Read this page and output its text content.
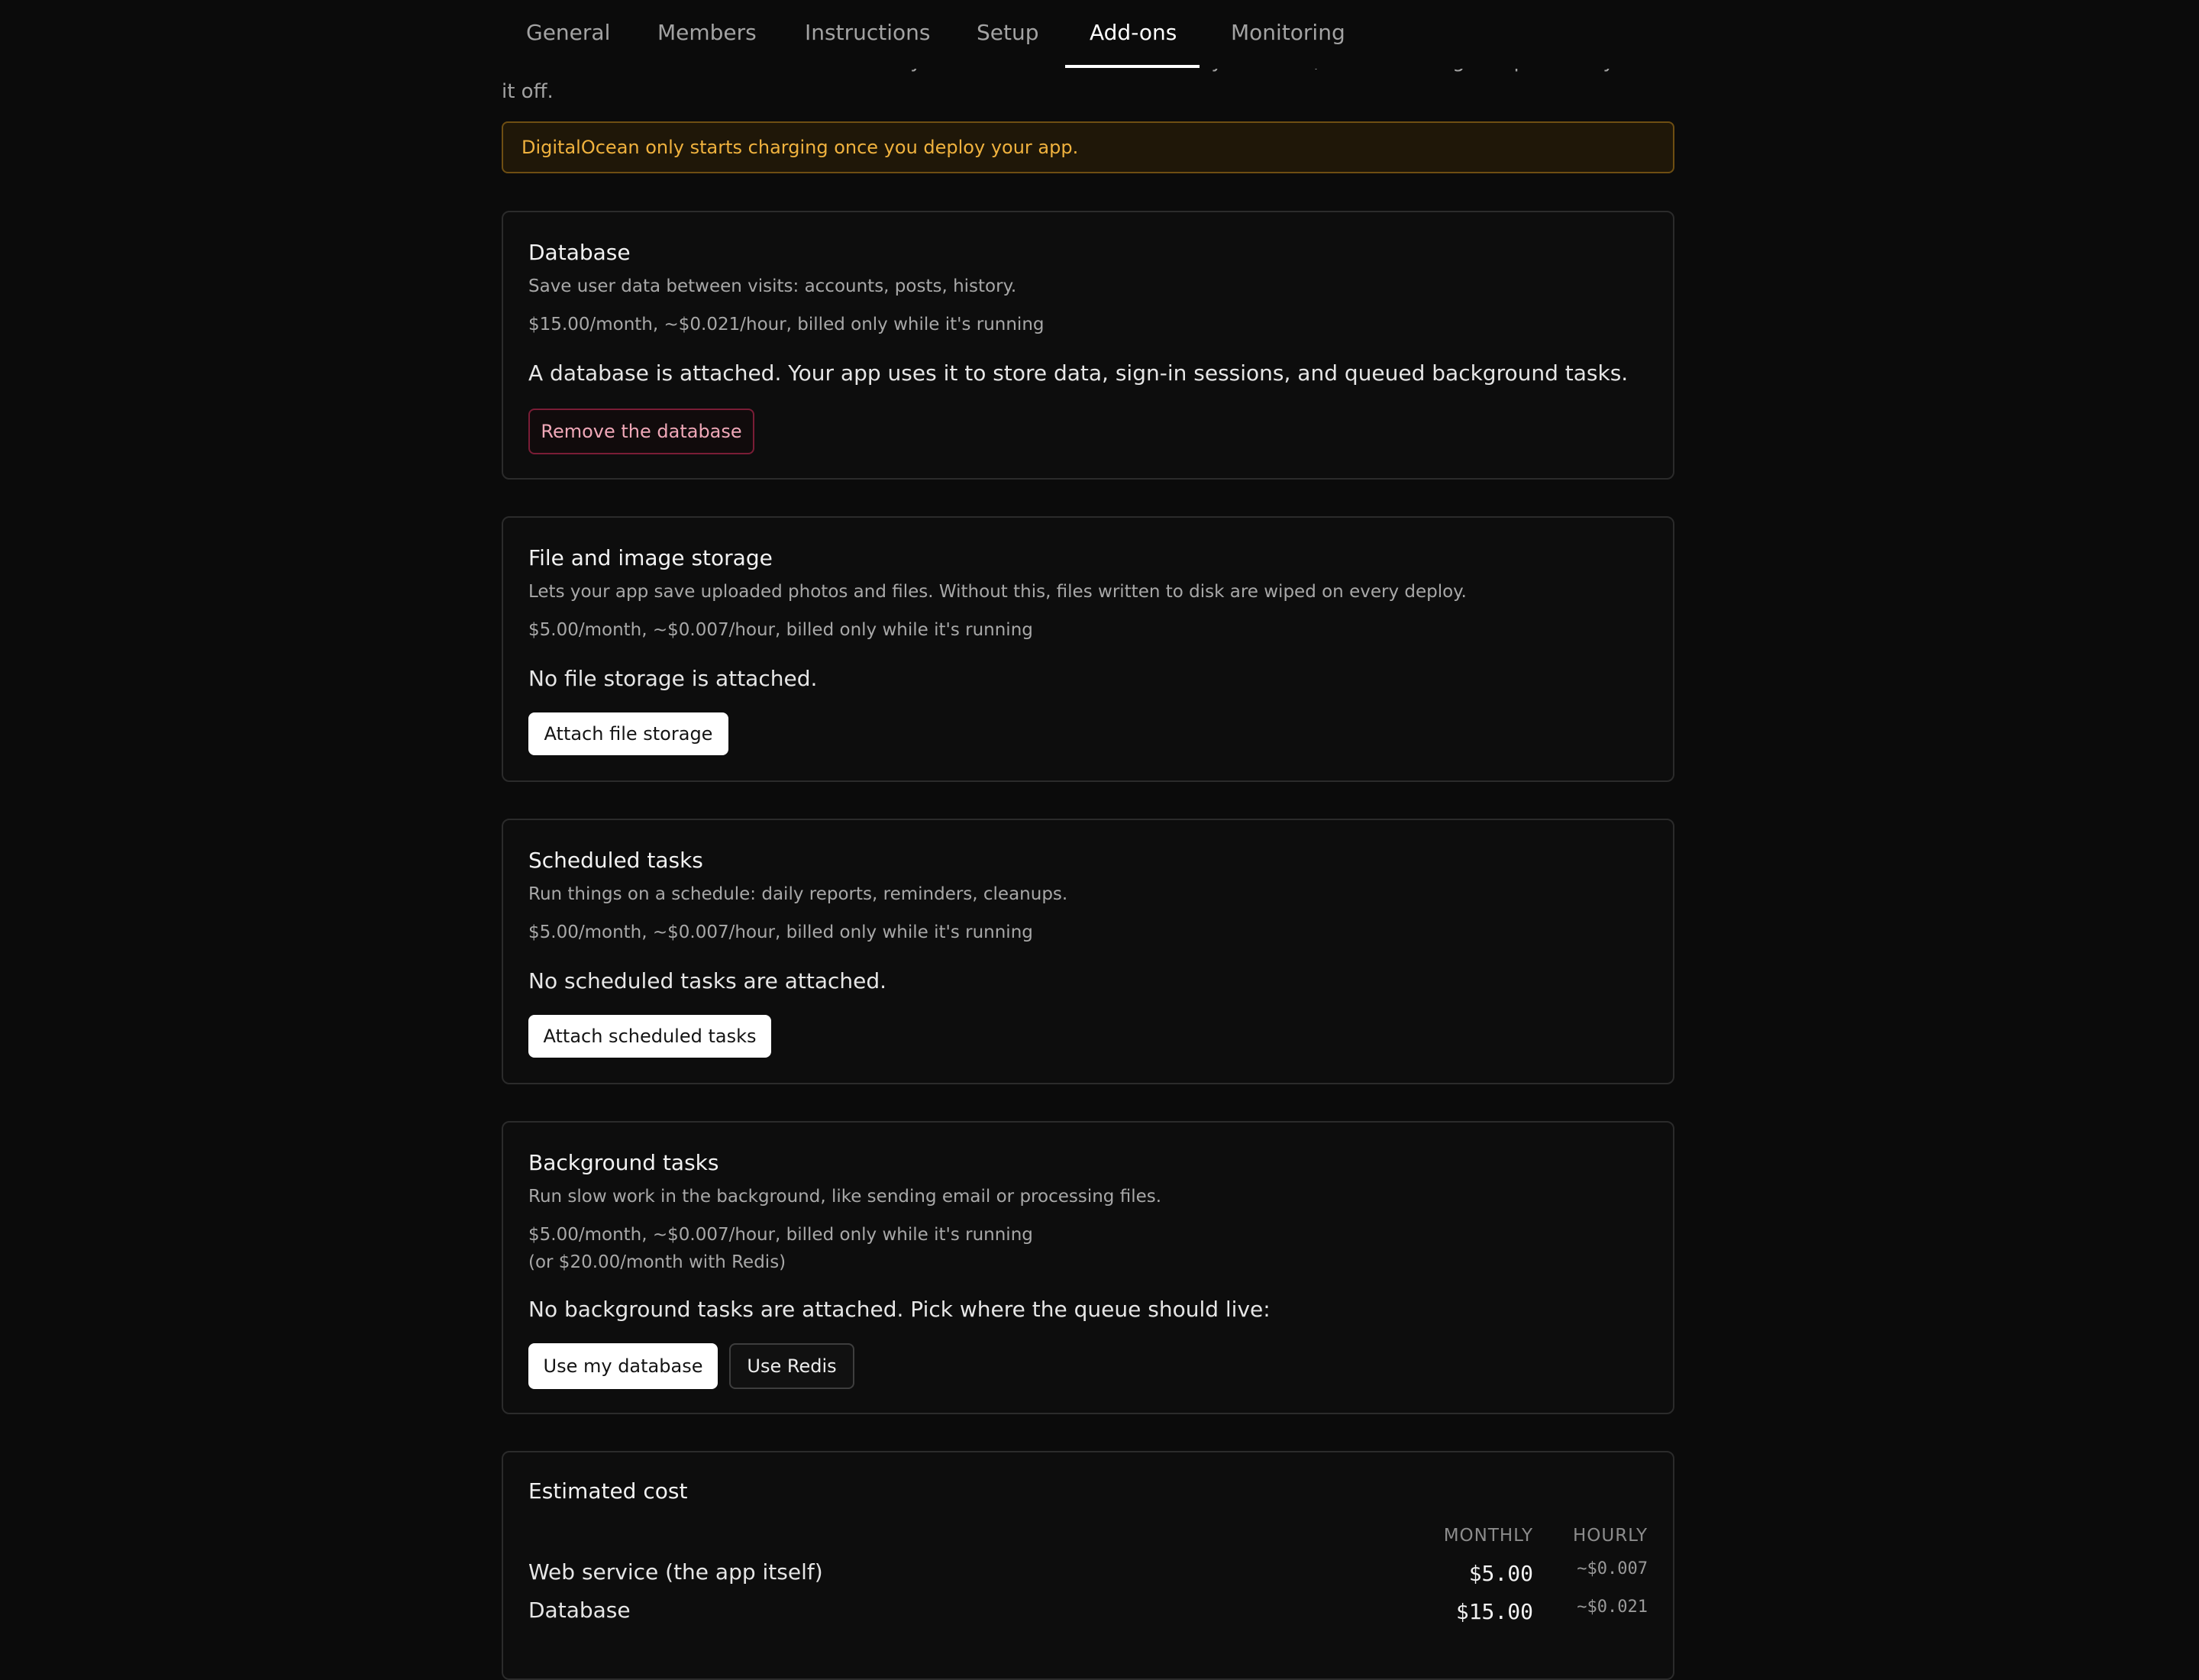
it off.
DigitalOcean only starts charging once you deploy your app.
Database
Save user data between visits: accounts, posts, history.
$15.00/month, ~$0.021/hour, billed only while it's running
A database is attached. Your app uses it to store data, sign-in sessions, and queued background tasks.
Remove the database
File and image storage
Lets your app save uploaded photos and files. Without this, files written to disk are wiped on every deploy.
$5.00/month, ~$0.007/hour, billed only while it's running
No file storage is attached.
Attach file storage
Scheduled tasks
Run things on a schedule: daily reports, reminders, cleanups.
$5.00/month, ~$0.007/hour, billed only while it's running
No scheduled tasks are attached.
Attach scheduled tasks
Background tasks
Run slow work in the background, like sending email or processing files.
$5.00/month, ~$0.007/hour, billed only while it's running
(or $20.00/month with Redis)
No background tasks are attached. Pick where the queue should live:
Use my database	Use Redis
Estimated cost
MONTHLY HOURLY
Web service (the app itself)	$5.00	~$0.007
Database	$15.00	~$0.021
General Members Instructions Setup Add-ons	Monitoring
